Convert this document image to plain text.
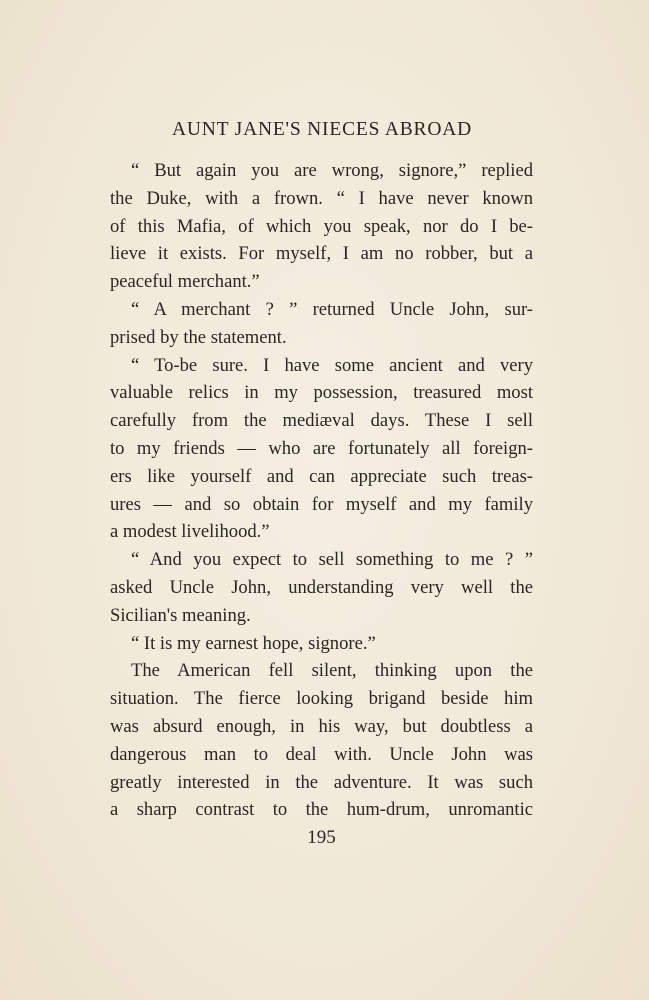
AUNT JANE'S NIECES ABROAD
“ But again you are wrong, signore,” replied
the Duke, with a frown. “ I have never known
of this Mafia, of which you speak, nor do I be-
lieve it exists. For myself, I am no robber, but a
peaceful merchant.”
“ A merchant ? ” returned Uncle John, sur-
prised by the statement.
“ To-be sure. I have some ancient and very
valuable relics in my possession, treasured most
carefully from the mediæval days. These I sell
to my friends — who are fortunately all foreign-
ers like yourself and can appreciate such treas-
ures — and so obtain for myself and my family
a modest livelihood.”
“ And you expect to sell something to me ? ”
asked Uncle John, understanding very well the
Sicilian's meaning.
“ It is my earnest hope, signore.”
The American fell silent, thinking upon the
situation. The fierce looking brigand beside him
was absurd enough, in his way, but doubtless a
dangerous man to deal with. Uncle John was
greatly interested in the adventure. It was such
a sharp contrast to the hum-drum, unromantic
195
